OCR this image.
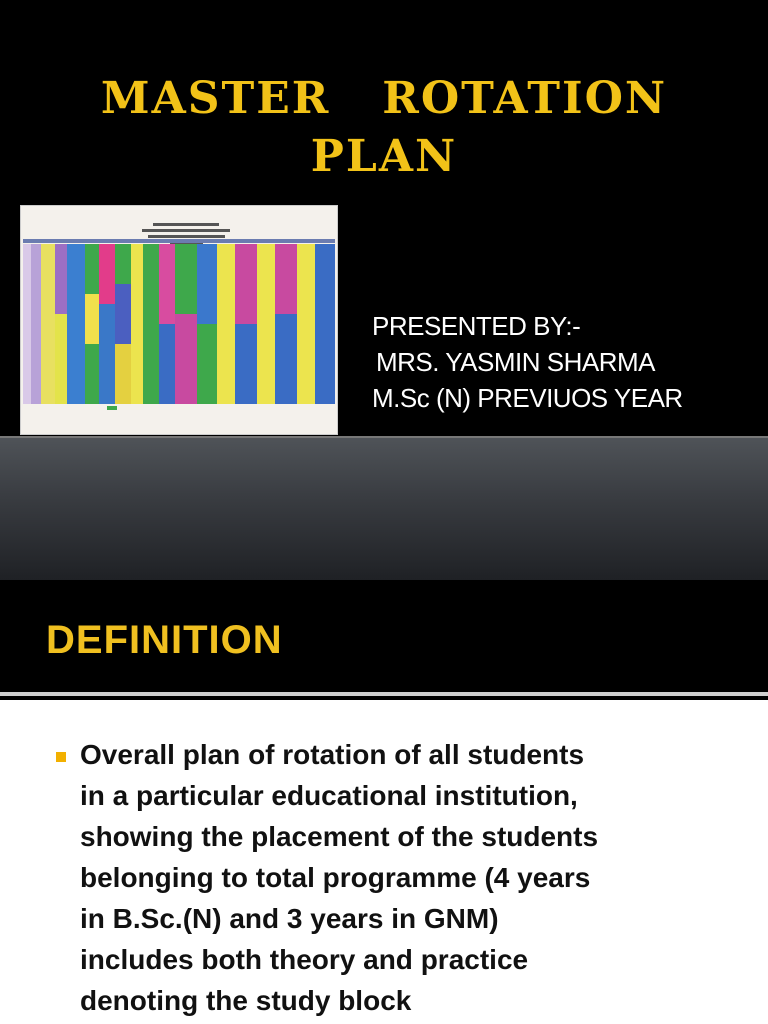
MASTER   ROTATION
PLAN
PRESENTED BY:-
MRS. YASMIN SHARMA
M.Sc (N) PREVIUOS YEAR
DEFINITION
Overall plan of rotation of all students
in a particular educational institution,
showing the placement of the students
belonging to total programme (4 years
in B.Sc.(N) and 3 years in GNM)
includes both theory and practice
denoting the study block
